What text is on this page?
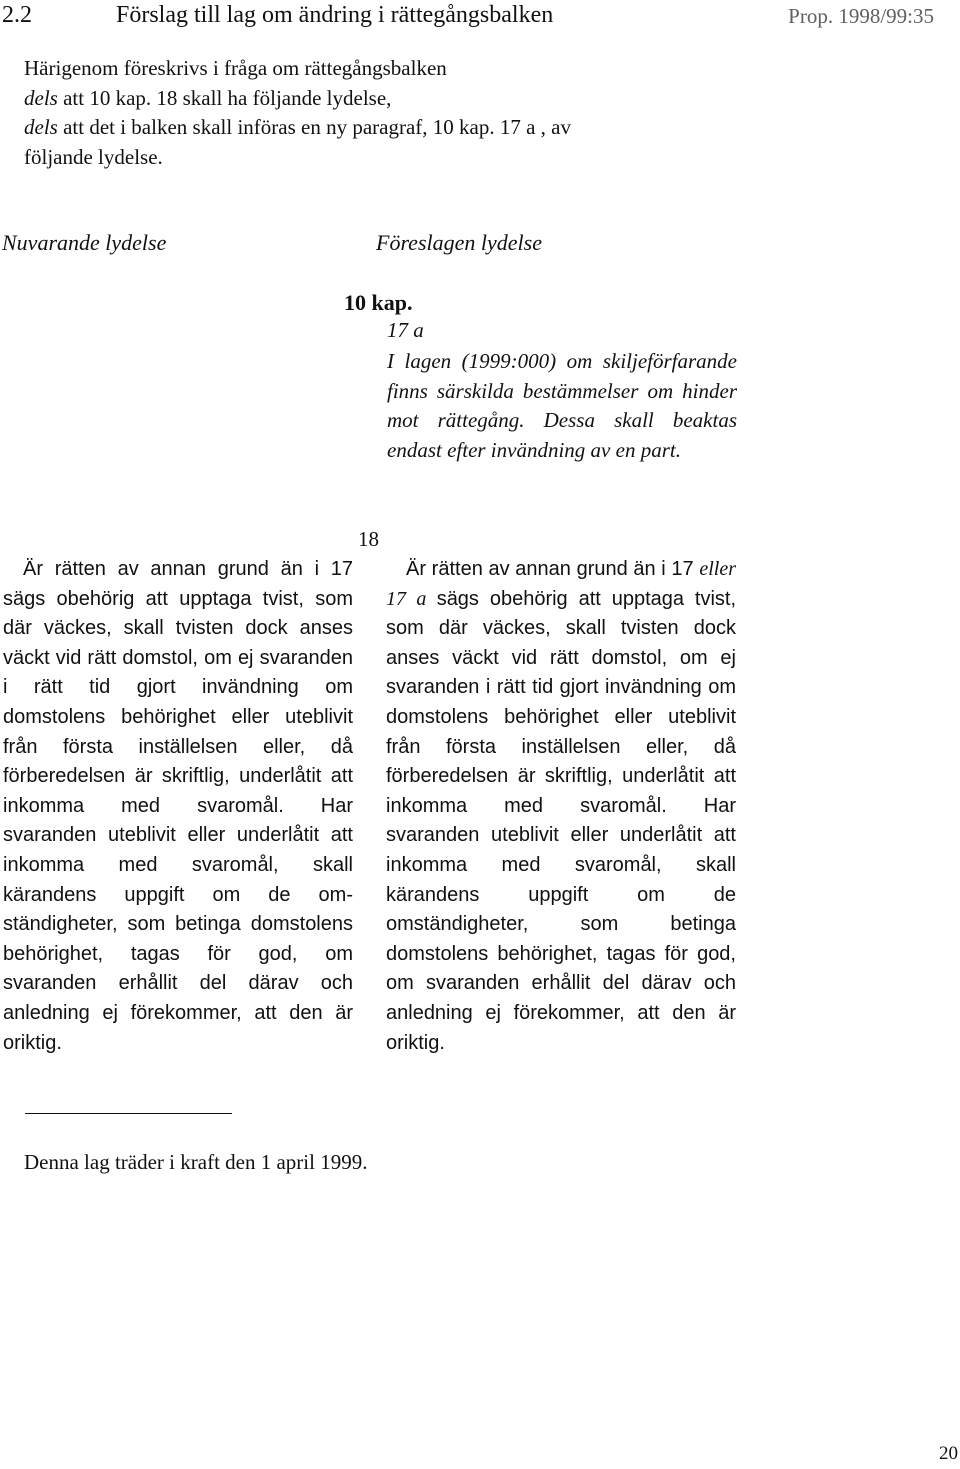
2.2	Förslag till lag om ändring i rättegångsbalken	Prop. 1998/99:35
Härigenom föreskrivs i fråga om rättegångsbalken
dels att 10 kap. 18 skall ha följande lydelse,
dels att det i balken skall införas en ny paragraf, 10 kap. 17 a , av
följande lydelse.
Nuvarande lydelse	Föreslagen lydelse
10 kap.
17 a
I lagen (1999:000) om skiljeförfarande finns särskilda bestämmelser om hinder mot rättegång. Dessa skall beaktas endast efter invändning av en part.
18
Är rätten av annan grund än i 17 sägs obehörig att upptaga tvist, som där väckes, skall tvisten dock anses väckt vid rätt domstol, om ej svaranden i rätt tid gjort invändning om domstolens behörighet eller uteblivit från första inställelsen eller, då förberedelsen är skriftlig, underlåtit att inkomma med svaromål. Har svaranden uteblivit eller underlåtit att inkomma med svaromål, skall kärandens uppgift om de omständigheter, som betinga domstolens behörighet, tagas för god, om svaranden erhållit del därav och anledning ej förekommer, att den är oriktig.
Är rätten av annan grund än i 17 eller 17 a sägs obehörig att upptaga tvist, som där väckes, skall tvisten dock anses väckt vid rätt domstol, om ej svaranden i rätt tid gjort invändning om domstolens behörighet eller uteblivit från första inställelsen eller, då förberedelsen är skriftlig, underlåtit att inkomma med svaromål. Har svaranden uteblivit eller underlåtit att inkomma med svaromål, skall kärandens uppgift om de omständigheter, som betinga domstolens behörighet, tagas för god, om svaranden erhållit del därav och anledning ej förekommer, att den är oriktig.
Denna lag träder i kraft den 1 april 1999.
20
